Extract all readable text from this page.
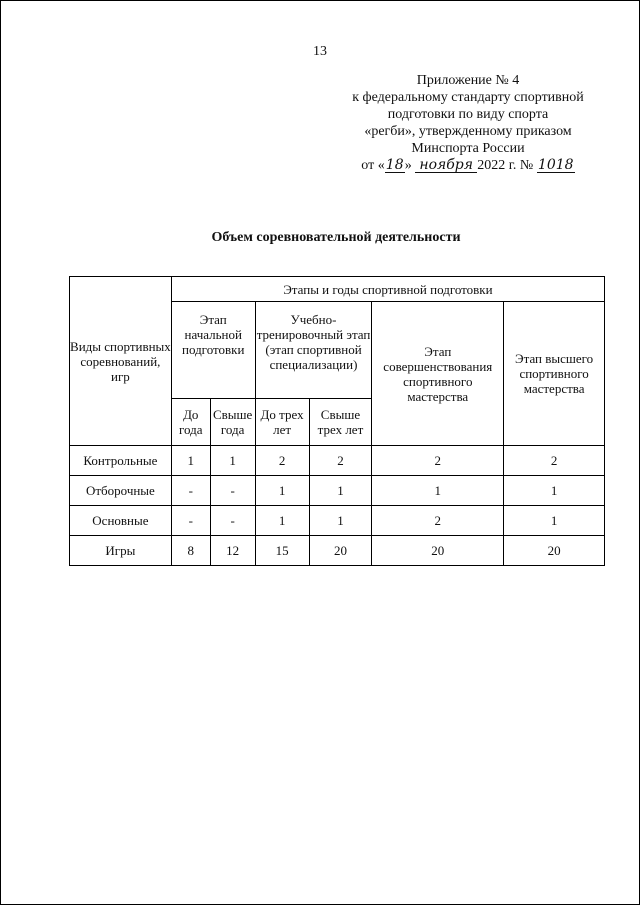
13
Приложение № 4
к федеральному стандарту спортивной
подготовки по виду спорта
«регби», утвержденному приказом
Минспорта России
от «18» ноября 2022 г. № 1018
Объем соревновательной деятельности
Виды спортивных соревнований, игр	Этапы и годы спортивной подготовки					
	Этап начальной подготовки		Учебно-тренировочный этап (этап спортивной специализации)		Этап совершенствования спортивного мастерства	Этап высшего спортивного мастерства
	До года	Свыше года	До трех лет	Свыше трех лет		
Контрольные	1	1	2	2	2	2
Отборочные	-	-	1	1	1	1
Основные	-	-	1	1	2	1
Игры	8	12	15	20	20	20
